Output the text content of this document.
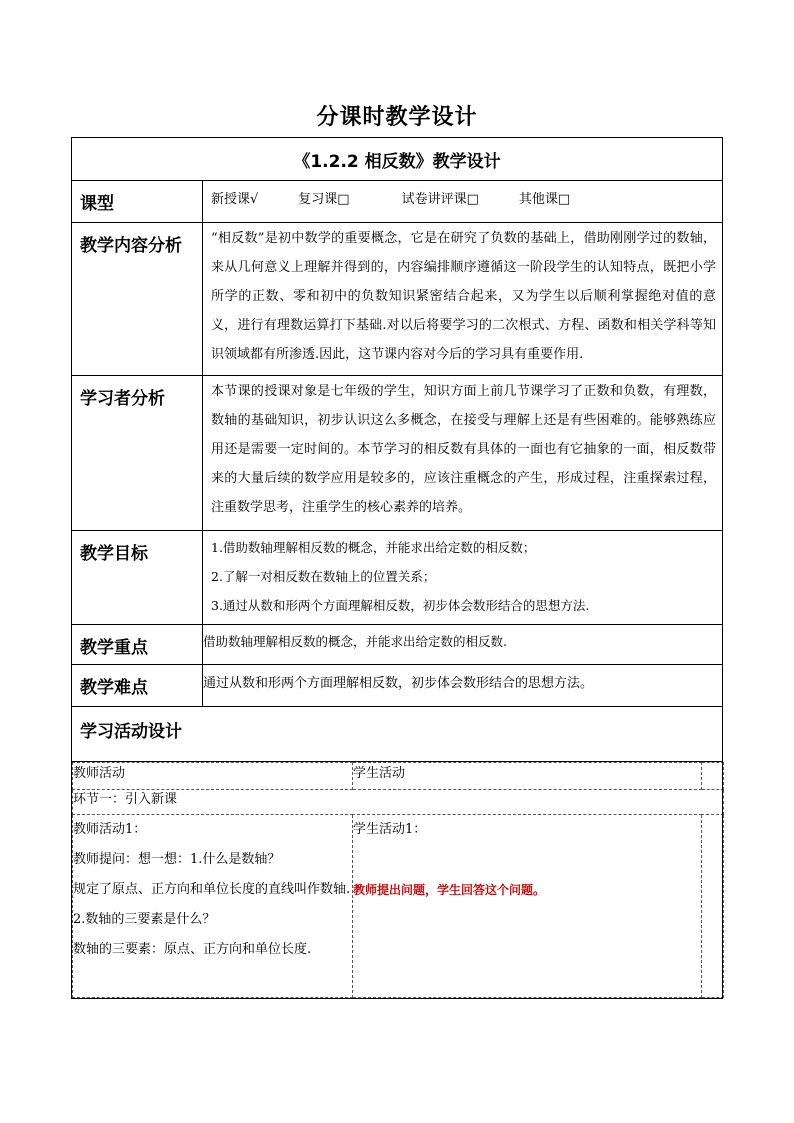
分课时教学设计
《1.2.2 相反数》教学设计
课型	新授课√	复习课□	试卷讲评课□	其他课□

教学内容分析	“相反数”是初中数学的重要概念，它是在研究了负数的基础上，借助刚刚学过的数轴，来从几何意义上理解并得到的，内容编排顺序遵循这一阶段学生的认知特点，既把小学所学的正数、零和初中的负数知识紧密结合起来，又为学生以后顺利掌握绝对值的意义，进行有理数运算打下基础.对以后将要学习的二次根式、方程、函数和相关学科等知识领域都有所渗透.因此，这节课内容对今后的学习具有重要作用.
学习者分析	本节课的授课对象是七年级的学生，知识方面上前几节课学习了正数和负数，有理数，数轴的基础知识，初步认识这么多概念，在接受与理解上还是有些困难的。能够熟练应用还是需要一定时间的。本节学习的相反数有具体的一面也有它抽象的一面，相反数带来的大量后续的数学应用是较多的，应该注重概念的产生，形成过程，注重探索过程，注重数学思考，注重学生的核心素养的培养。
教学目标	1.借助数轴理解相反数的概念，并能求出给定数的相反数；
2.了解一对相反数在数轴上的位置关系；
3.通过从数和形两个方面理解相反数，初步体会数形结合的思想方法.

教学重点	借助数轴理解相反数的概念，并能求出给定数的相反数.
教学难点	通过从数和形两个方面理解相反数，初步体会数形结合的思想方法。
学习活动设计

教师活动	学生活动	
环节一：引入新课

教师活动1：
教师提问：想一想：1.什么是数轴？
规定了原点、正方向和单位长度的直线叫作数轴.
2.数轴的三要素是什么？
数轴的三要素：原点、正方向和单位长度.

学生活动1：
教师提出问题，学生回答这个问题。
